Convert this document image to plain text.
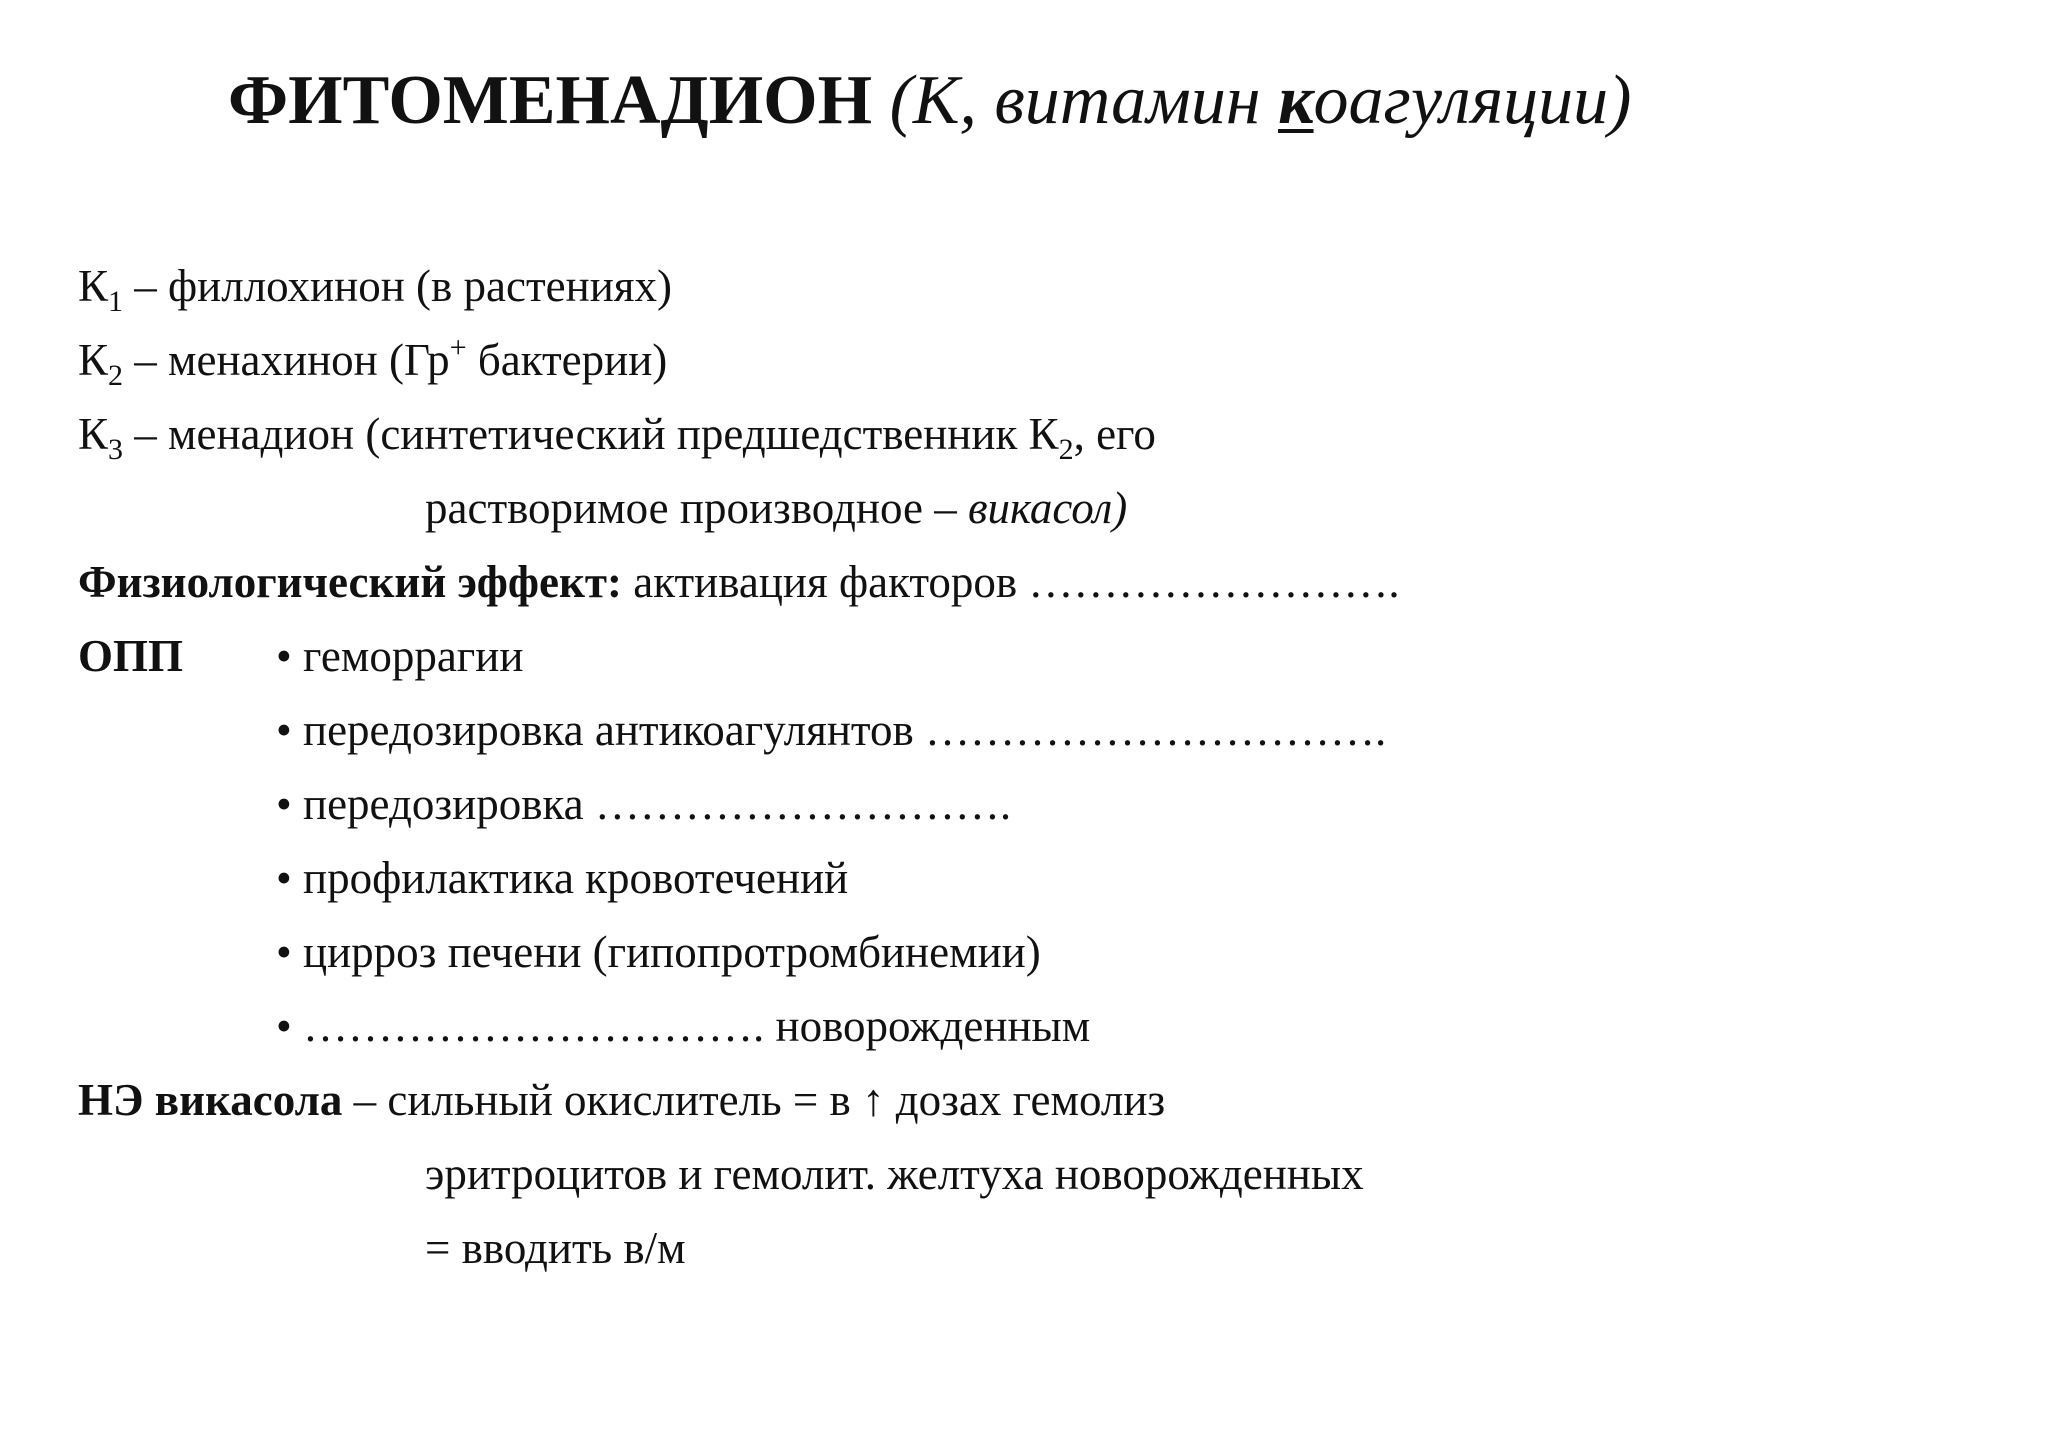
ФИТОМЕНАДИОН (К, витамин коагуляции)
$К_1$ – филлохинон (в растениях)
$К_2$ – менахинон (Гр+ бактерии)
$К_3$ – менадион (синтетический предшедственник $К_2$, его
растворимое производное – викасол)
Физиологический эффект: активация факторов …………………….
ОПП • геморрагии
• передозировка антикоагулянтов ………………………….
• передозировка ……………………….
• профилактика кровотечений
• цирроз печени (гипопротромбинемии)
• …………………………. новорожденным
НЭ викасола – сильный окислитель = в ↑ дозах гемолиз
эритроцитов и гемолит. желтуха новорожденных
= вводить в/м
